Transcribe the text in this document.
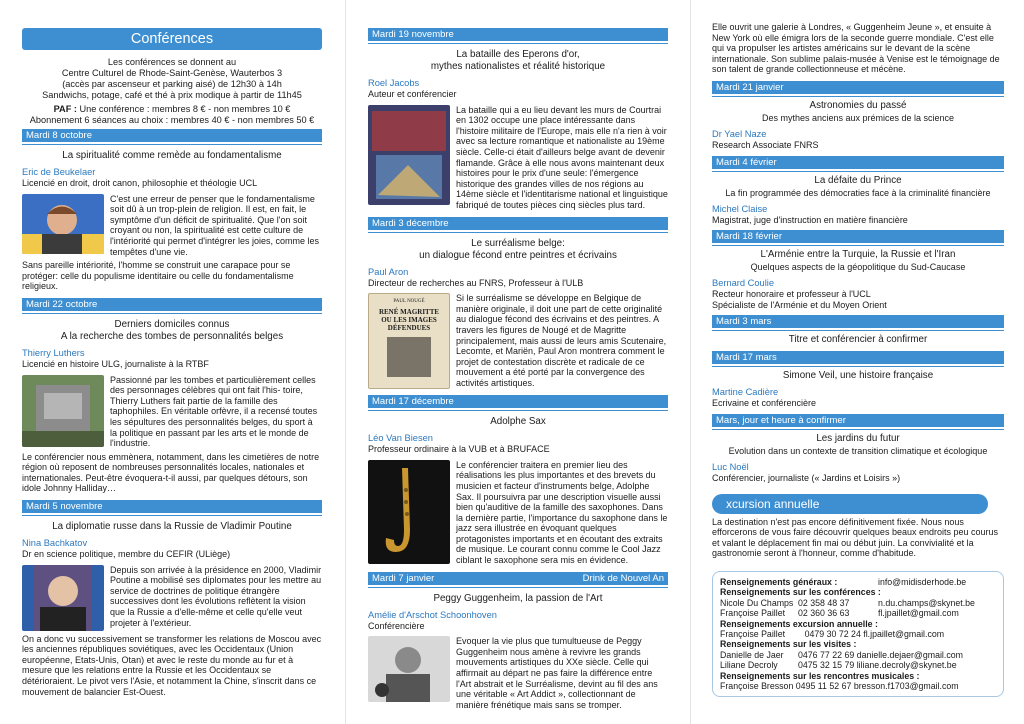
Conférences
Les conférences se donnent au
Centre Culturel de Rhode-Saint-Genèse, Wauterbos 3
(accès par ascenseur et parking aisé) de 12h30 à 14h
Sandwichs, potage, café et thé à prix modique à partir de 11h45
PAF : Une conférence : membres 8 € - non membres 10 €
Abonnement 6 séances au choix : membres 40 € - non membres 50 €
Mardi 8 octobre
La spiritualité comme remède au fondamentalisme
Eric de Beukelaer
Licencié en droit, droit canon, philosophie et théologie UCL
C'est une erreur de penser que le fondamentalisme soit dû à un trop-plein de religion. Il est, en fait, le symptôme d'un déficit de spiritualité. Que l'on soit croyant ou non, la spiritualité est cette culture de l'intériorité qui permet d'intégrer les joies, comme les tempêtes d'une vie.
Sans pareille intériorité, l'homme se construit une carapace pour se protéger: celle du populisme identitaire ou celle du fondamentalisme religieux.
Mardi 22 octobre
Derniers domiciles connus
A la recherche des tombes de personnalités belges
Thierry Luthers
Licencié en histoire ULG, journaliste à la RTBF
Passionné par les tombes et particulièrement celles des personnages célèbres qui ont fait l'his- toire, Thierry Luthers fait partie de la famille des taphophiles. En véritable orfèvre, il a recensé toutes les sépultures des personnalités belges, du sport à la politique en passant par les arts et le monde de l'industrie.
Le conférencier nous emmènera, notamment, dans les cimetières de notre région où reposent de nombreuses personnalités locales, nationales et internationales. Peut-être évoquera-t-il aussi, par quelques détours, son idole Johnny Halliday…
Mardi 5 novembre
La diplomatie russe dans la Russie de Vladimir Poutine
Nina Bachkatov
Dr en science politique, membre du CEFIR (ULiège)
Depuis son arrivée à la présidence en 2000, Vladimir Poutine a mobilisé ses diplomates pour les mettre au service de doctrines de politique étrangère successives dont les évolutions reflètent la vision que la Russie a d'elle-même et celle qu'elle veut projeter à l'extérieur.
On a donc vu successivement se transformer les relations de Moscou avec les anciennes républiques soviétiques, avec les Occidentaux (Union européenne, Etats-Unis, Otan) et avec le reste du monde au fur et à mesure que les relations entre la Russie et les Occidentaux se détérioraient. Le pivot vers l'Asie, et notamment la Chine, s'inscrit dans ce mouvement de balancier Est-Ouest.
Mardi 19 novembre
La bataille des Eperons d'or,
mythes nationalistes et réalité historique
Roel Jacobs
Auteur et conférencier
La bataille qui a eu lieu devant les murs de Courtrai en 1302 occupe une place intéressante dans l'histoire militaire de l'Europe, mais elle n'a rien à voir avec sa lecture romantique et nationaliste au 19ème siècle. Celle-ci était d'ailleurs belge avant de devenir flamande. Grâce à elle nous avons maintenant deux histoires pour le prix d'une seule: l'émergence historique des grandes villes de nos régions au 14ème siècle et l'identitarisme national et linguistique fabriqué de toutes pièces cinq siècles plus tard.
Mardi 3 décembre
Le surréalisme belge:
un dialogue fécond entre peintres et écrivains
Paul Aron
Directeur de recherches au FNRS, Professeur à l'ULB
PAUL NOUGÉ
RENÉ MAGRITTE OU LES IMAGES DÉFENDUES
Si le surréalisme se développe en Belgique de manière originale, il doit une part de cette originalité au dialogue fécond des écrivains et des peintres. A travers les figures de Nougé et de Magritte principalement, mais aussi de leurs amis Scutenaire, Lecomte, et Mariën, Paul Aron montrera comment le projet de contestation discrète et radicale de ce mouvement a été porté par la convergence des activités artistiques.
Mardi 17 décembre
Adolphe Sax
Léo Van Biesen
Professeur ordinaire à la VUB et à BRUFACE
Le conférencier traitera en premier lieu des réalisations les plus importantes et des brevets du musicien et facteur d'instruments belge, Adolphe Sax. Il poursuivra par une description visuelle aussi bien qu'auditive de la famille des saxophones. Dans la dernière partie, l'importance du saxophone dans le jazz sera illustrée en évoquant quelques protagonistes importants et en écoutant des extraits de musique. Le courant connu comme le Cool Jazz ciblant le saxophone sera mis en évidence.
Mardi 7 janvier	Drink de Nouvel An
Peggy Guggenheim, la passion de l'Art
Amélie d'Arschot Schoonhoven
Conférencière
Evoquer la vie plus que tumultueuse de Peggy Guggenheim nous amène à revivre les grands mouvements artistiques du XXe siècle. Celle qui affirmait au départ ne pas faire la différence entre l'Art abstrait et le Surréalisme, devint au fil des ans une véritable « Art Addict », collectionnant de manière frénétique mais sans se tromper.
Elle ouvrit une galerie à Londres, « Guggenheim Jeune », et ensuite à New York où elle émigra lors de la seconde guerre mondiale. C'est elle qui va propulser les artistes américains sur le devant de la scène internationale. Son sublime palais-musée à Venise est le témoignage de son talent de grande collectionneuse et mécène.
Mardi 21 janvier
Astronomies du passé
Des mythes anciens aux prémices de la science
Dr Yael Naze
Research Associate FNRS
Mardi 4 février
La défaite du Prince
La fin programmée des démocraties face à la criminalité financière
Michel Claise
Magistrat, juge d'instruction en matière financière
Mardi 18 février
L'Arménie entre la Turquie, la Russie et l'Iran
Quelques aspects de la géopolitique du Sud-Caucase
Bernard Coulie
Recteur honoraire et professeur à l'UCL
Spécialiste de l'Arménie et du Moyen Orient
Mardi 3 mars
Titre et conférencier à confirmer
Mardi 17 mars
Simone Veil, une histoire française
Martine Cadière
Ecrivaine et conférencière
Mars, jour et heure à confirmer
Les jardins du futur
Evolution dans un contexte de transition climatique et écologique
Luc Noël
Conférencier, journaliste (« Jardins et Loisirs »)
xcursion annuelle
La destination n'est pas encore définitivement fixée. Nous nous efforcerons de vous faire découvrir quelques beaux endroits peu courus et valant le déplacement fin mai ou début juin. La convivialité et la gastronomie seront à l'honneur, comme d'habitude.
Renseignements généraux :	info@midisderhode.be
Renseignements sur les conférences :
Nicole Du Champs 02 358 48 37	n.du.champs@skynet.be
Françoise Paillet	02 360 36 63	fl.jpaillet@gmail.com
Renseignements excursion annuelle :
Françoise Paillet        0479 30 72 24 fl.jpaillet@gmail.com
Renseignements sur les visites :
Danielle de Jaer	0476 77 22 69 danielle.dejaer@gmail.com
Liliane Decroly	0475 32 15 79 liliane.decroly@skynet.be
Renseignements sur les rencontres musicales :
Françoise Bresson 0495 11 52 67 bresson.f1703@gmail.com
